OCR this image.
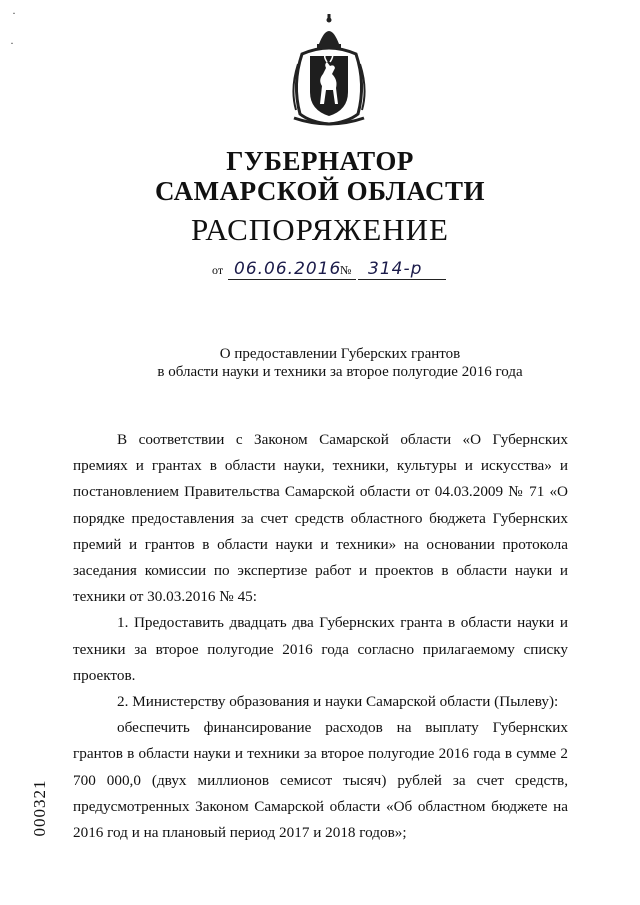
ГУБЕРНАТОР
САМАРСКОЙ ОБЛАСТИ
РАСПОРЯЖЕНИЕ
от 06.06.2016
№ 314-р
О предоставлении Губерских грантов
в области науки и техники за второе полугодие 2016 года

В соответствии с Законом Самарской области «О Губернских премиях и грантах в области науки, техники, культуры и искусства» и постановлением Правительства Самарской области от 04.03.2009 № 71 «О порядке предоставления за счет средств областного бюджета Губернских премий и грантов в области науки и техники» на основании протокола заседания комиссии по экспертизе работ и проектов в области науки и техники от 30.03.2016 № 45:

1. Предоставить двадцать два Губернских гранта в области науки и техники за второе полугодие 2016 года согласно прилагаемому списку проектов.

2. Министерству образования и науки Самарской области (Пылеву):

обеспечить финансирование расходов на выплату Губернских грантов в области науки и техники за второе полугодие 2016 года в сумме 2 700 000,0 (двух миллионов семисот тысяч) рублей за счет средств, предусмотренных Законом Самарской области «Об областном бюджете на 2016 год и на плановый период 2017 и 2018 годов»;

000321
·
·
